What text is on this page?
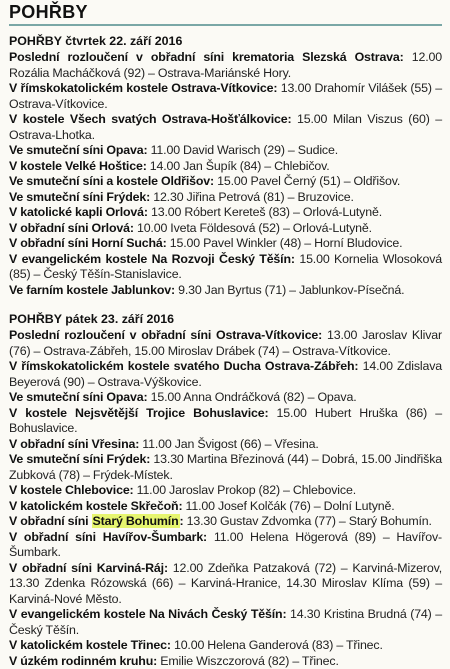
POHŘBY
POHŘBY čtvrtek 22. září 2016

Poslední rozloučení v obřadní síni krematoria Slezská Ostrava: 12.00 Rozália Macháčková (92) – Ostrava-Mariánské Hory.

V římskokatolickém kostele Ostrava-Vítkovice: 13.00 Drahomír Vilášek (55) – Ostrava-Vítkovice.

V kostele Všech svatých Ostrava-Hošťálkovice: 15.00 Milan Viszus (60) – Ostrava-Lhotka.

Ve smuteční síni Opava: 11.00 David Warisch (29) – Sudice.

V kostele Velké Hoštice: 14.00 Jan Šupík (84) – Chlebičov.

Ve smuteční síni a kostele Oldřišov: 15.00 Pavel Černý (51) – Oldřišov.

Ve smuteční síni Frýdek: 12.30 Jiřina Petrová (81) – Bruzovice.

V katolické kapli Orlová: 13.00 Róbert Kereteš (83) – Orlová-Lutyně.

V obřadní síni Orlová: 10.00 Iveta Földesová (52) – Orlová-Lutyně.

V obřadní síni Horní Suchá: 15.00 Pavel Winkler (48) – Horní Bludovice.

V evangelickém kostele Na Rozvoji Český Těšín: 15.00 Kornelia Wlosoková (85) – Český Těšín-Stanislavice.

Ve farním kostele Jablunkov: 9.30 Jan Byrtus (71) – Jablunkov-Písečná.

POHŘBY pátek 23. září 2016

Poslední rozloučení v obřadní síni Ostrava-Vítkovice: 13.00 Jaroslav Klivar (76) – Ostrava-Zábřeh, 15.00 Miroslav Drábek (74) – Ostrava-Vítkovice.

V římskokatolickém kostele svatého Ducha Ostrava-Zábřeh: 14.00 Zdislava Beyerová (90) – Ostrava-Výškovice.

Ve smuteční síni Opava: 15.00 Anna Ondráčková (82) – Opava.

V kostele Nejsvětější Trojice Bohuslavice: 15.00 Hubert Hruška (86) – Bohuslavice.

V obřadní síni Vřesina: 11.00 Jan Švigost (66) – Vřesina.

Ve smuteční síni Frýdek: 13.30 Martina Březinová (44) – Dobrá, 15.00 Jindřiška Zubková (78) – Frýdek-Místek.

V kostele Chlebovice: 11.00 Jaroslav Prokop (82) – Chlebovice.

V katolickém kostele Skřečoň: 11.00 Josef Kolčák (76) – Dolní Lutyně.

V obřadní síni Starý Bohumín: 13.30 Gustav Zdvomka (77) – Starý Bohumín.

V obřadní síni Havířov-Šumbark: 11.00 Helena Högerová (89) – Havířov-Šumbark.

V obřadní síni Karviná-Ráj: 12.00 Zdeňka Patzaková (72) – Karviná-Mizerov, 13.30 Zdenka Rózowská (66) – Karviná-Hranice, 14.30 Miroslav Klíma (59) – Karviná-Nové Město.

V evangelickém kostele Na Nivách Český Těšín: 14.30 Kristina Brudná (74) – Český Těšín.

V katolickém kostele Třinec: 10.00 Helena Ganderová (83) – Třinec.

V úzkém rodinném kruhu: Emilie Wiszczorová (82) – Třinec.
